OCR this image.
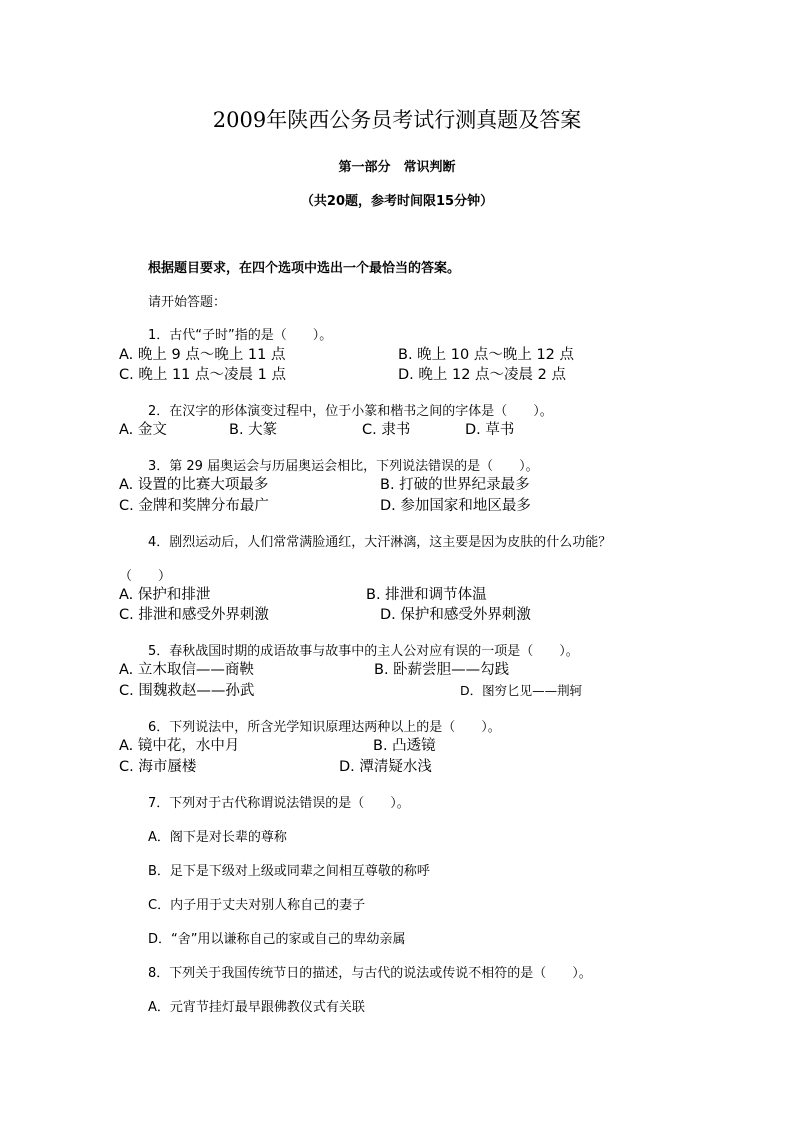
2009年陕西公务员考试行测真题及答案
第一部分　常识判断
（共20题，参考时间限15分钟）
根据题目要求，在四个选项中选出一个最恰当的答案。
请开始答题：
1．古代“子时”指的是（　　）。
A. 晚上 9 点～晚上 11 点	B. 晚上 10 点～晚上 12 点
C. 晚上 11 点～凌晨 1 点	D. 晚上 12 点～凌晨 2 点
2．在汉字的形体演变过程中，位于小篆和楷书之间的字体是（　　）。
A. 金文	B. 大篆	C. 隶书	D. 草书
3．第 29 届奥运会与历届奥运会相比，下列说法错误的是（　　）。
A. 设置的比赛大项最多	B. 打破的世界纪录最多
C. 金牌和奖牌分布最广	D. 参加国家和地区最多
4．剧烈运动后，人们常常满脸通红，大汗淋漓，这主要是因为皮肤的什么功能？
（　　）
A. 保护和排泄	B. 排泄和调节体温
C. 排泄和感受外界刺激	D. 保护和感受外界刺激
5．春秋战国时期的成语故事与故事中的主人公对应有误的一项是（　　）。
A. 立木取信——商鞅	B. 卧薪尝胆——勾践
C. 围魏救赵——孙武	D．图穷匕见——荆轲
6．下列说法中，所含光学知识原理达两种以上的是（　　）。
A. 镜中花，水中月	B. 凸透镜
C. 海市蜃楼	D. 潭清疑水浅
7．下列对于古代称谓说法错误的是（　　）。
A．阁下是对长辈的尊称
B．足下是下级对上级或同辈之间相互尊敬的称呼
C．内子用于丈夫对别人称自己的妻子
D．“舍”用以谦称自己的家或自己的卑幼亲属
8．下列关于我国传统节日的描述，与古代的说法或传说不相符的是（　　）。
A．元宵节挂灯最早跟佛教仪式有关联
